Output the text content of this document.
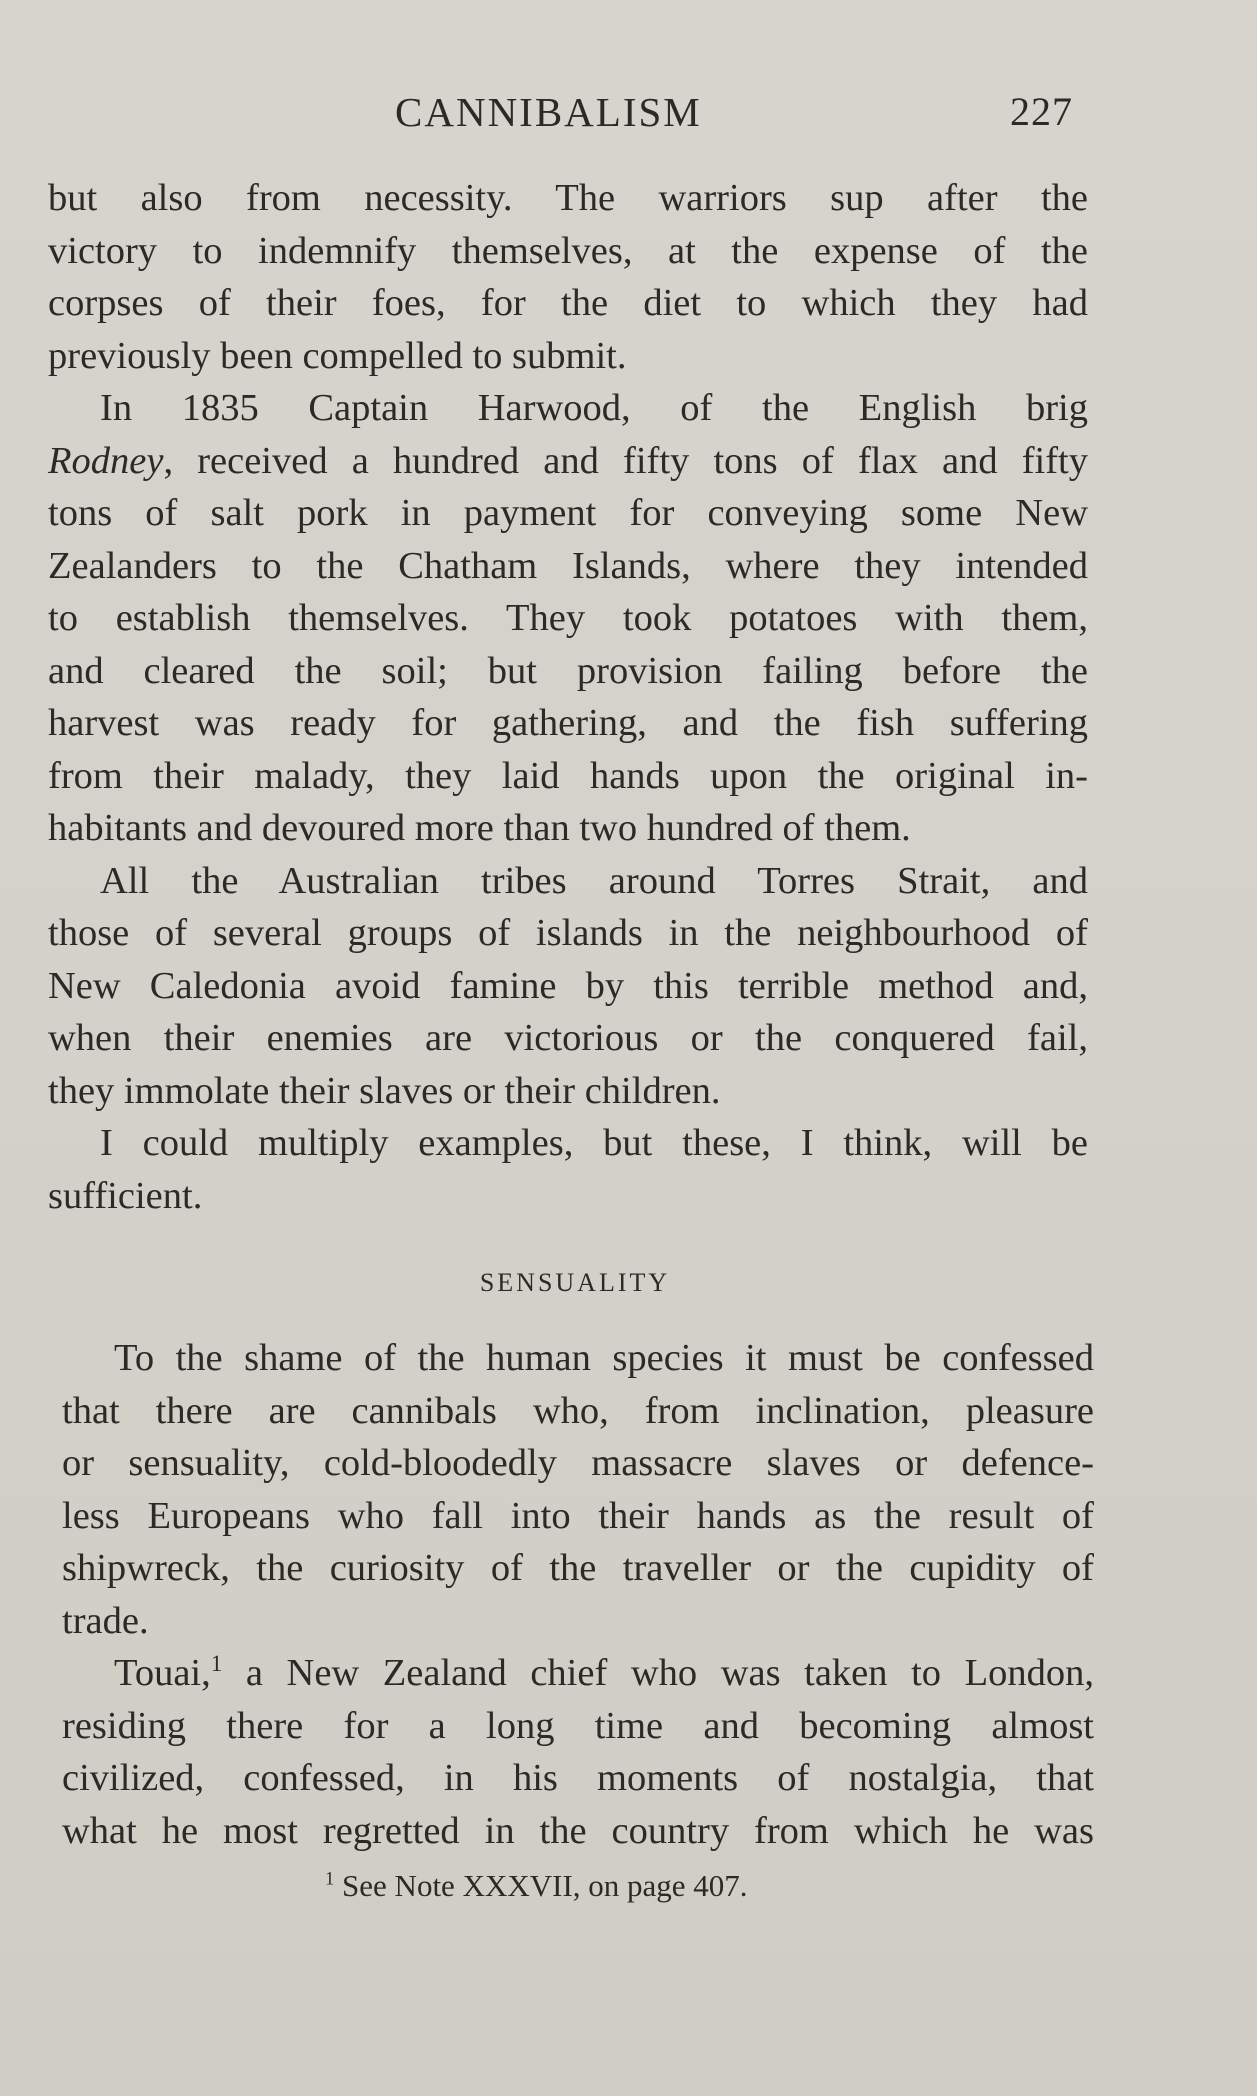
CANNIBALISM	227
but also from necessity. The warriors sup after the
victory to indemnify themselves, at the expense of the
corpses of their foes, for the diet to which they had
previously been compelled to submit.
In 1835 Captain Harwood, of the English brig
Rodney, received a hundred and fifty tons of flax and fifty
tons of salt pork in payment for conveying some New
Zealanders to the Chatham Islands, where they intended
to establish themselves. They took potatoes with them,
and cleared the soil; but provision failing before the
harvest was ready for gathering, and the fish suffering
from their malady, they laid hands upon the original in-
habitants and devoured more than two hundred of them.
All the Australian tribes around Torres Strait, and
those of several groups of islands in the neighbourhood of
New Caledonia avoid famine by this terrible method and,
when their enemies are victorious or the conquered fail,
they immolate their slaves or their children.
I could multiply examples, but these, I think, will be
sufficient.
SENSUALITY
To the shame of the human species it must be confessed
that there are cannibals who, from inclination, pleasure
or sensuality, cold-bloodedly massacre slaves or defence-
less Europeans who fall into their hands as the result of
shipwreck, the curiosity of the traveller or the cupidity of
trade.
Touai,$^1$ a New Zealand chief who was taken to London,
residing there for a long time and becoming almost
civilized, confessed, in his moments of nostalgia, that
what he most regretted in the country from which he was
$^1$ See Note XXXVII, on page 407.
